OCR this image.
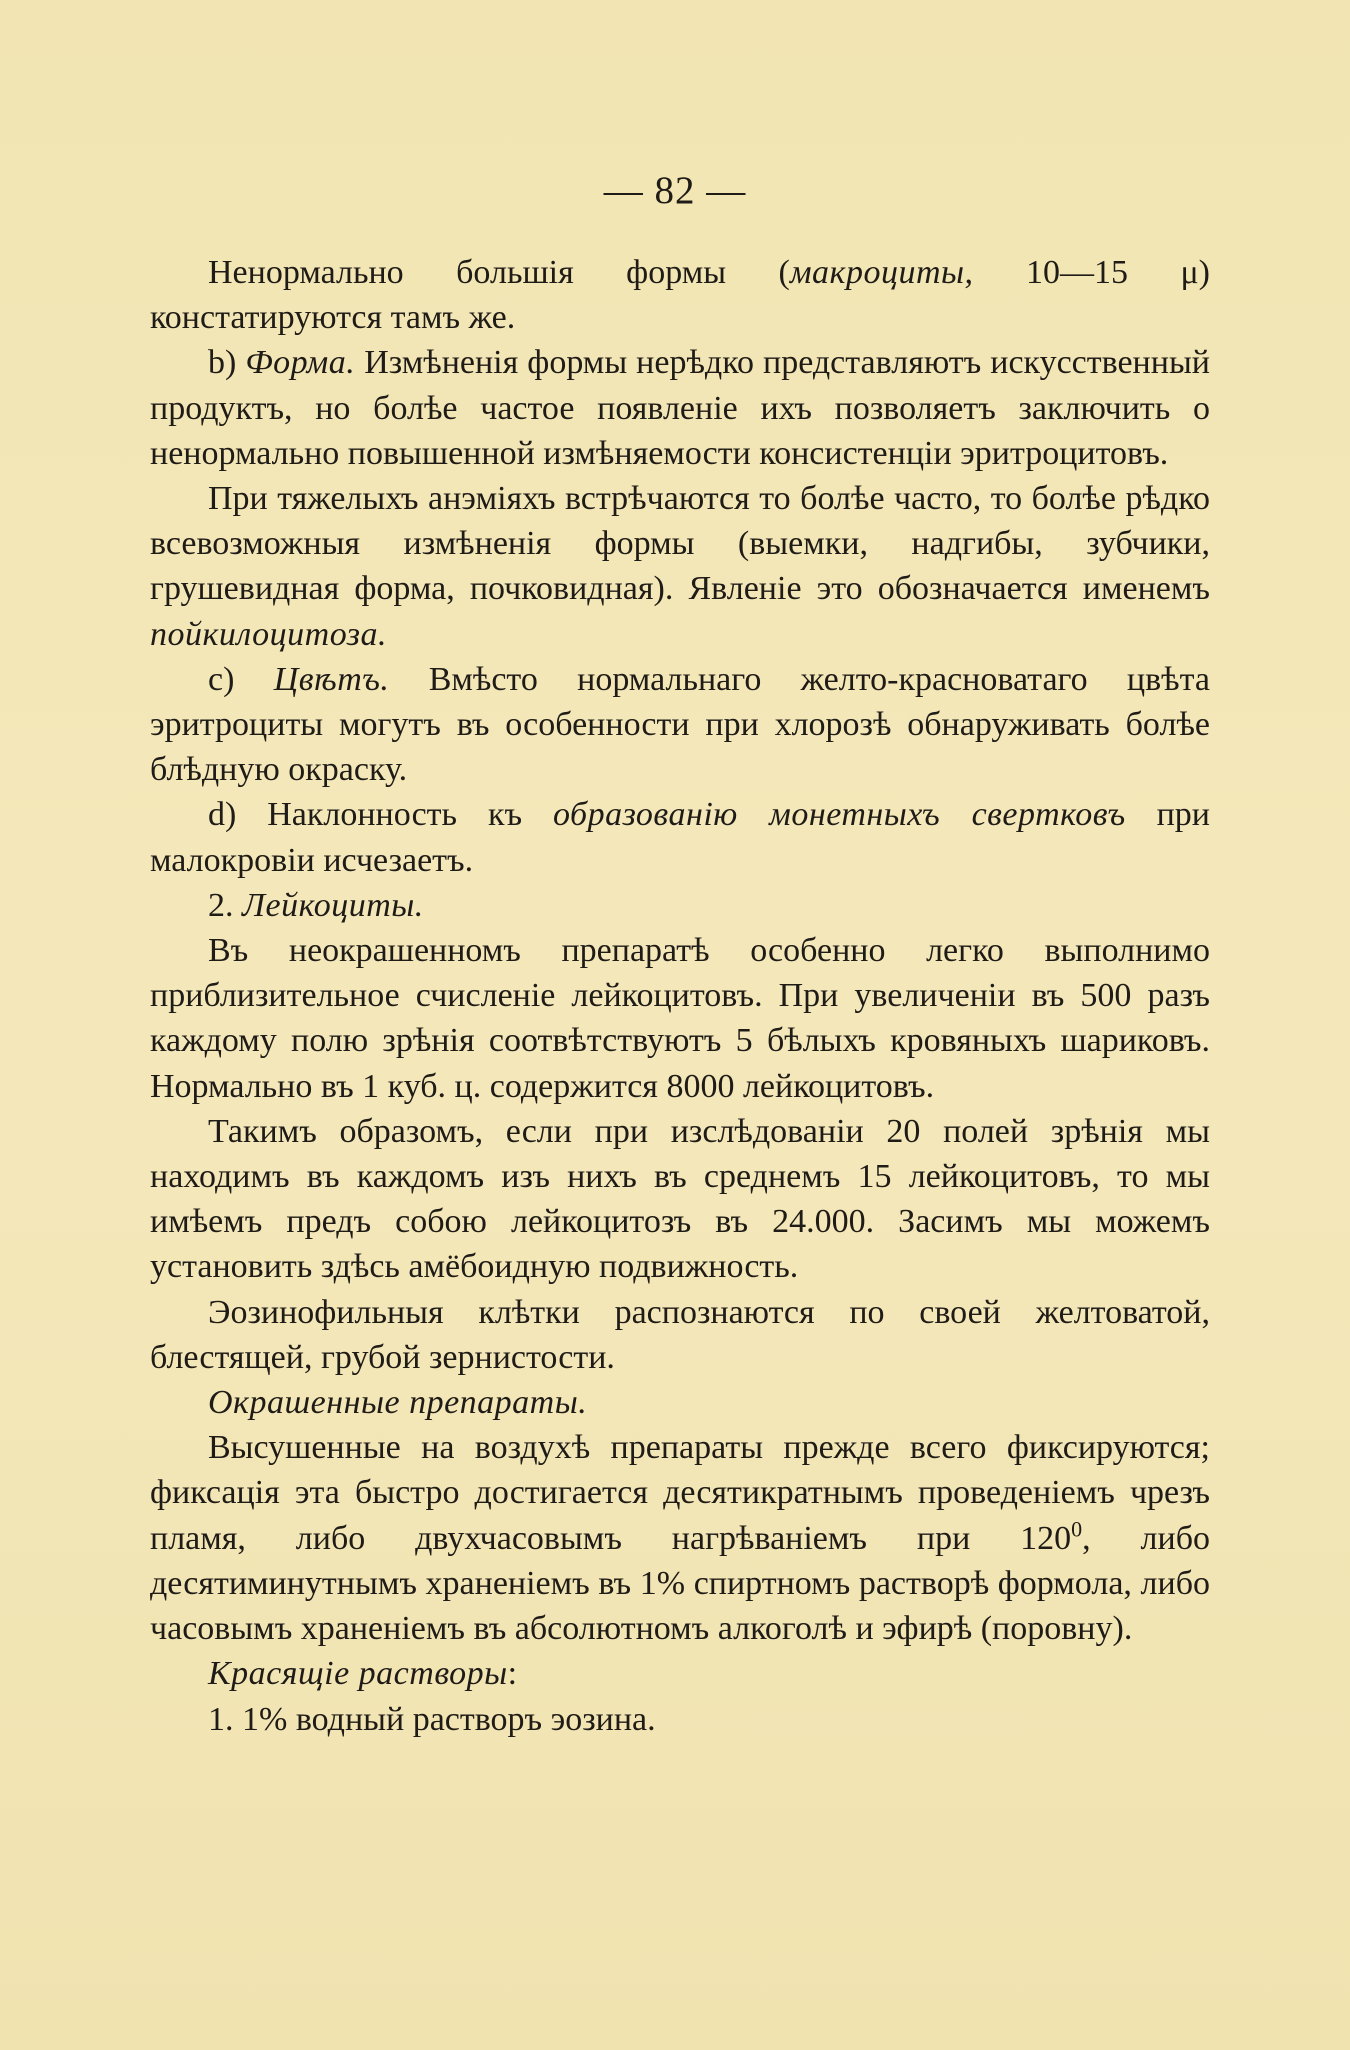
— 82 —

Ненормально большія формы (макроциты, 10—15 μ) констатируются тамъ же.

b) Форма. Измѣненія формы нерѣдко представляютъ искусственный продуктъ, но болѣе частое появленіе ихъ позволяетъ заключить о ненормально повышенной измѣняемости консистенціи эритроцитовъ.

При тяжелыхъ анэміяхъ встрѣчаются то болѣе часто, то болѣе рѣдко всевозможныя измѣненія формы (выемки, надгибы, зубчики, грушевидная форма, почковидная). Явленіе это обозначается именемъ пойкилоцитоза.

c) Цвѣтъ. Вмѣсто нормальнаго желто-красноватаго цвѣта эритроциты могутъ въ особенности при хлорозѣ обнаруживать болѣе блѣдную окраску.

d) Наклонность къ образованію монетныхъ свертковъ при малокровіи исчезаетъ.

2. Лейкоциты.

Въ неокрашенномъ препаратѣ особенно легко выполнимо приблизительное счисленіе лейкоцитовъ. При увеличеніи въ 500 разъ каждому полю зрѣнія соотвѣтствуютъ 5 бѣлыхъ кровяныхъ шариковъ. Нормально въ 1 куб. ц. содержится 8000 лейкоцитовъ.

Такимъ образомъ, если при изслѣдованіи 20 полей зрѣнія мы находимъ въ каждомъ изъ нихъ въ среднемъ 15 лейкоцитовъ, то мы имѣемъ предъ собою лейкоцитозъ въ 24.000. Засимъ мы можемъ установить здѣсь амёбоидную подвижность.

Эозинофильныя клѣтки распознаются по своей желтоватой, блестящей, грубой зернистости.

Окрашенные препараты.

Высушенные на воздухѣ препараты прежде всего фиксируются; фиксація эта быстро достигается десятикратнымъ проведеніемъ чрезъ пламя, либо двухчасовымъ нагрѣваніемъ при $120^0$, либо десятиминутнымъ храненіемъ въ 1% спиртномъ растворѣ формола, либо часовымъ храненіемъ въ абсолютномъ алкоголѣ и эфирѣ (поровну).

Красящіе растворы:

1. 1% водный растворъ эозина.
